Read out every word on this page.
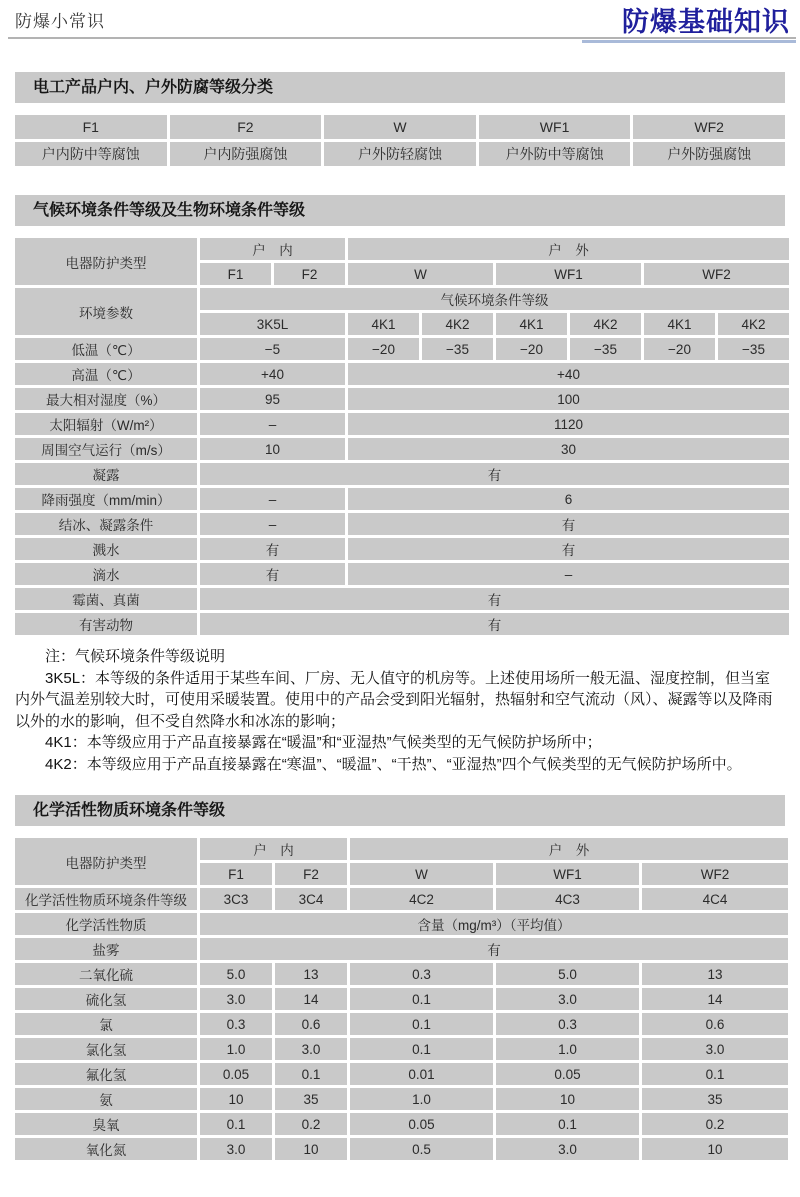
防爆小常识	防爆基础知识
电工产品户内、户外防腐等级分类
F1	F2	W	WF1	WF2
户内防中等腐蚀	户内防强腐蚀	户外防轻腐蚀	户外防中等腐蚀	户外防强腐蚀
气候环境条件等级及生物环境条件等级
电器防护类型	户　内		户　外					
	F1	F2	W		WF1		WF2	
环境参数	气候环境条件等级							
	3K5L		4K1	4K2	4K1	4K2	4K1	4K2
低温（℃）	−5		−20	−35	−20	−35	−20	−35
高温（℃）	+40		+40					
最大相对湿度（%）	95		100					
太阳辐射（W/m²）	–		1120					
周围空气运行（m/s）	10		30					
凝露	有							
降雨强度（mm/min）	–		6					
结冰、凝露条件	–		有					
溅水	有		有					
滴水	有		–					
霉菌、真菌	有							
有害动物	有							

注：气候环境条件等级说明

3K5L：本等级的条件适用于某些车间、厂房、无人值守的机房等。上述使用场所一般无温、湿度控制，但当室内外气温差别较大时，可使用采暖装置。使用中的产品会受到阳光辐射，热辐射和空气流动（风）、凝露等以及降雨以外的水的影响，但不受自然降水和冰冻的影响；

4K1：本等级应用于产品直接暴露在“暖温”和“亚湿热”气候类型的无气候防护场所中；

4K2：本等级应用于产品直接暴露在“寒温”、“暖温”、“干热”、“亚湿热”四个气候类型的无气候防护场所中。

化学活性物质环境条件等级
电器防护类型	户　内		户　外		
	F1	F2	W	WF1	WF2
化学活性物质环境条件等级	3C3	3C4	4C2	4C3	4C4
化学活性物质	含量（mg/m³）（平均值）				
盐雾	有				
二氧化硫	5.0	13	0.3	5.0	13
硫化氢	3.0	14	0.1	3.0	14
氯	0.3	0.6	0.1	0.3	0.6
氯化氢	1.0	3.0	0.1	1.0	3.0
氟化氢	0.05	0.1	0.01	0.05	0.1
氨	10	35	1.0	10	35
臭氧	0.1	0.2	0.05	0.1	0.2
氧化氮	3.0	10	0.5	3.0	10
